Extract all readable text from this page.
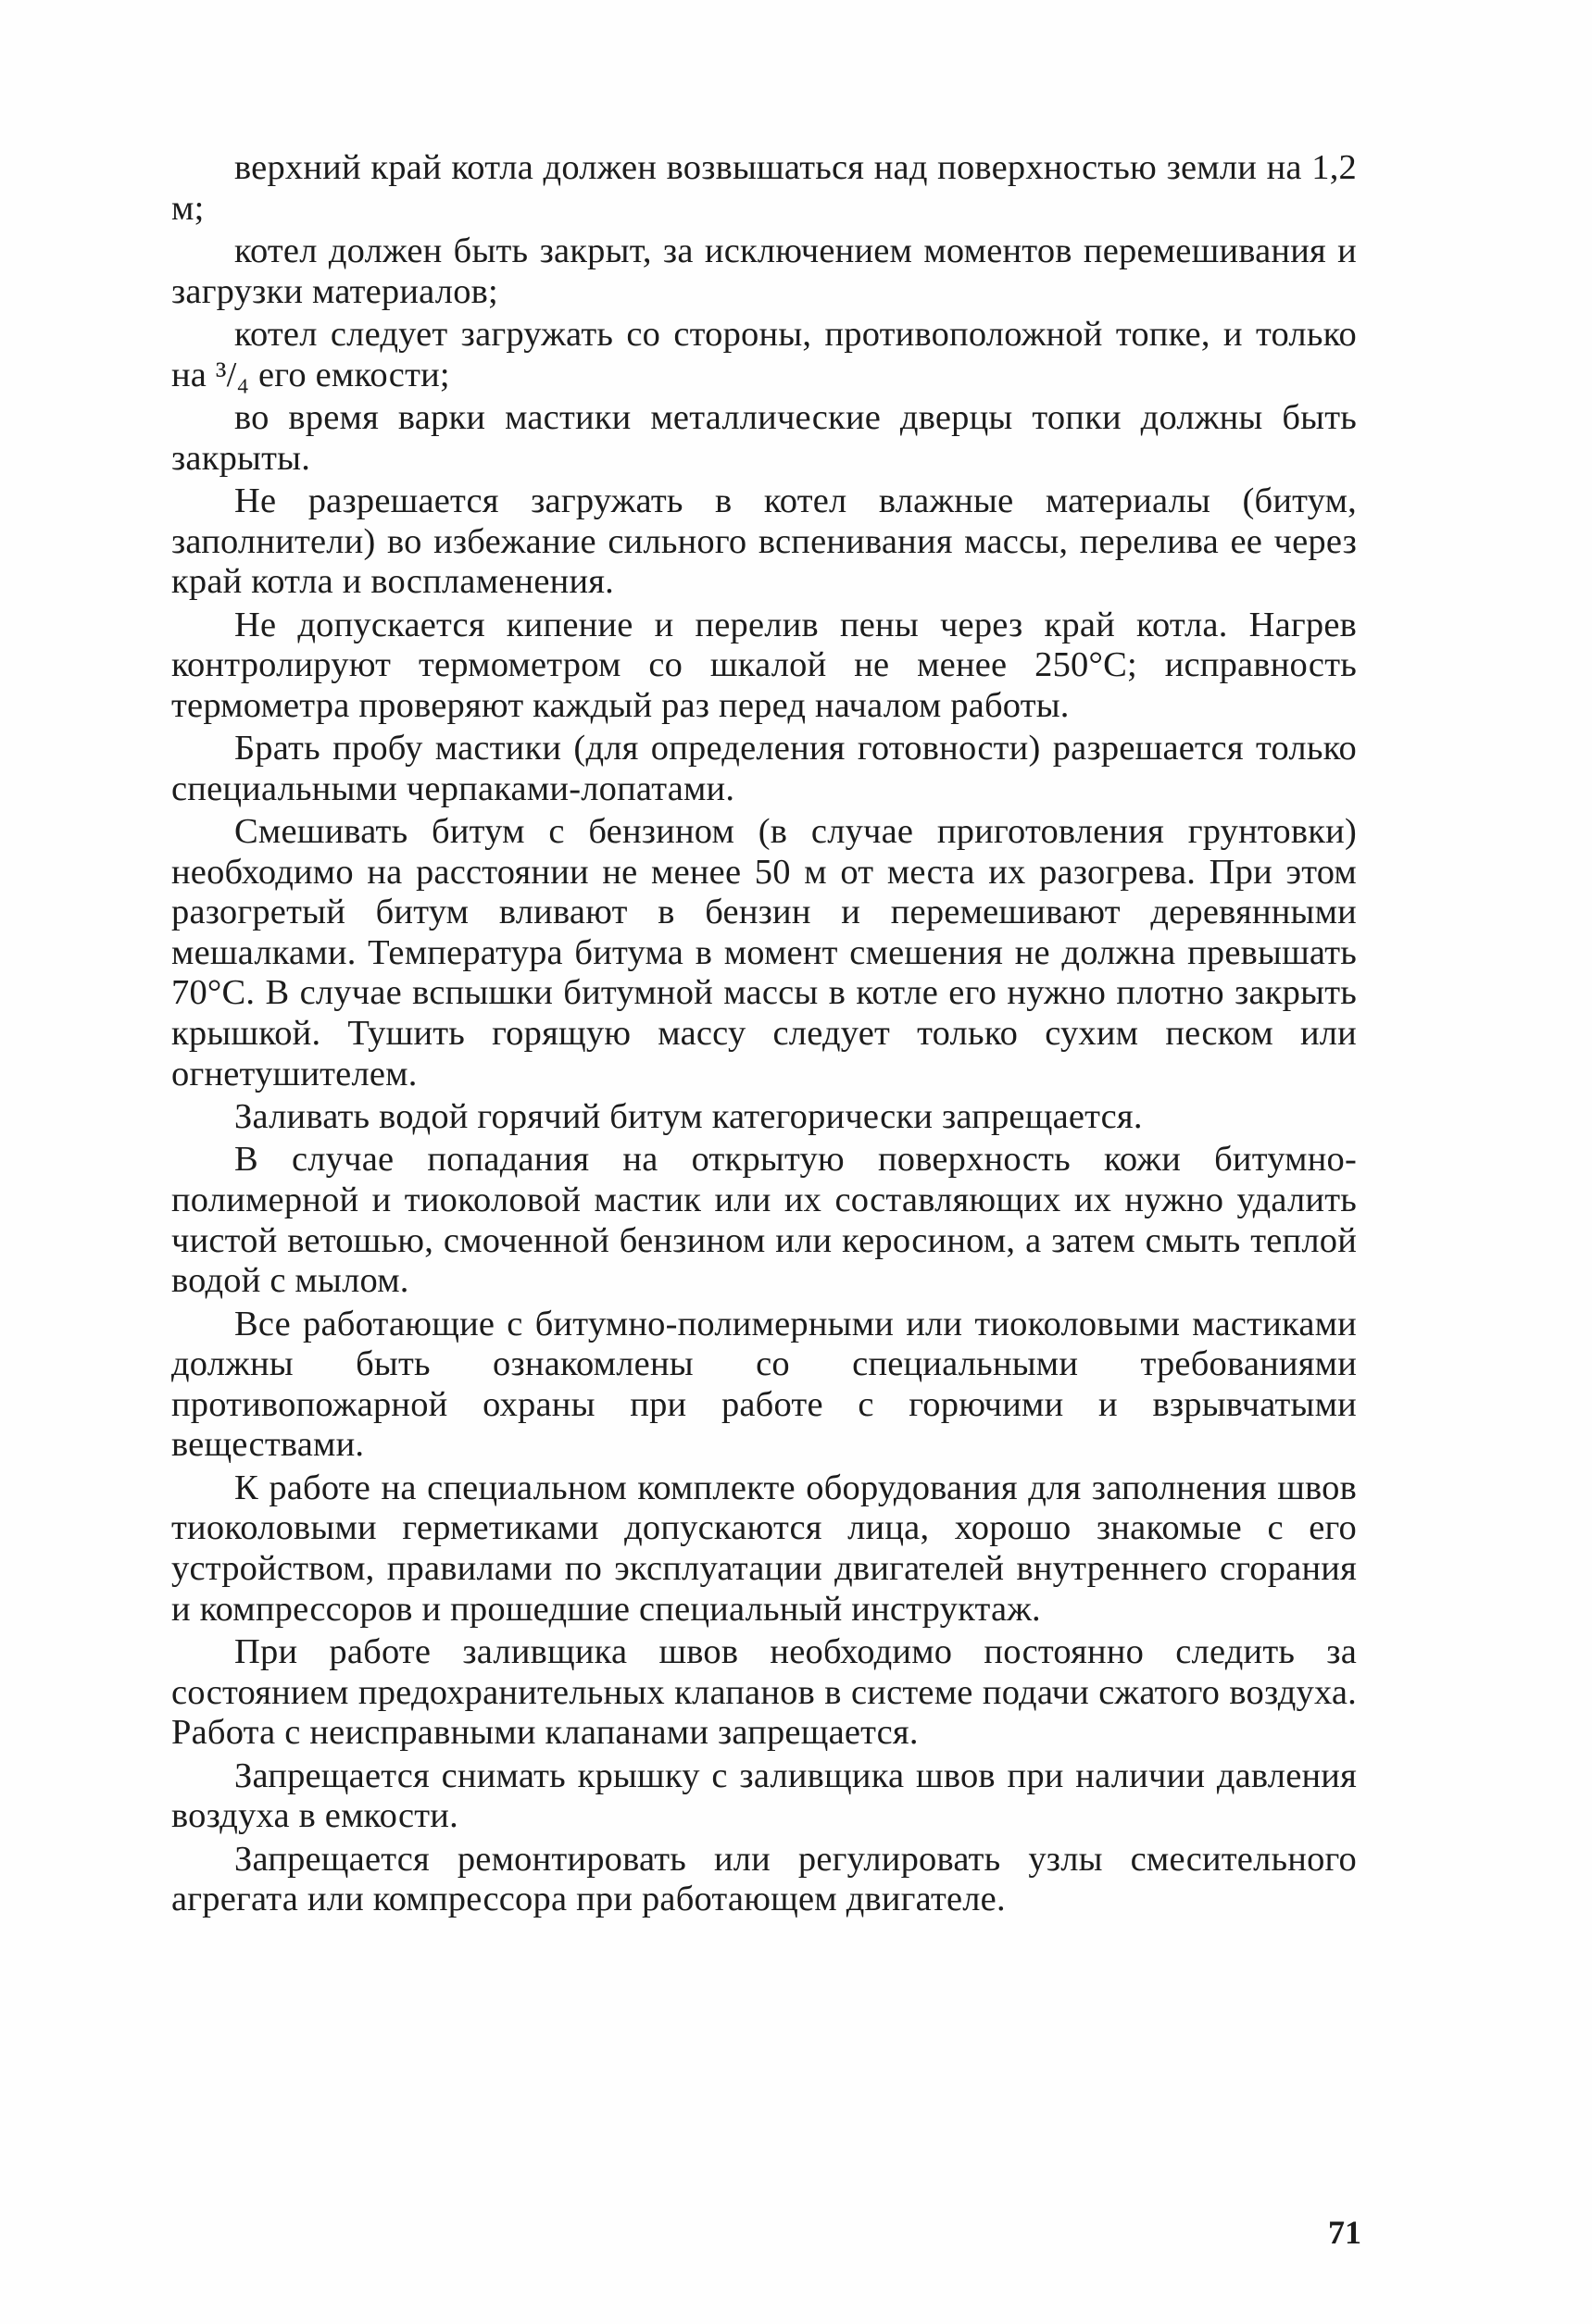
верхний край котла должен возвышаться над поверхностью земли на 1,2 м;

котел должен быть закрыт, за исключением моментов перемешивания и загрузки материалов;

котел следует загружать со стороны, противоположной топке, и только на ³/₄ его емкости;

во время варки мастики металлические дверцы топки должны быть закрыты.

Не разрешается загружать в котел влажные материалы (битум, заполнители) во избежание сильного вспенивания массы, перелива ее через край котла и воспламенения.

Не допускается кипение и перелив пены через край котла. Нагрев контролируют термометром со шкалой не менее 250°С; исправность термометра проверяют каждый раз перед началом работы.

Брать пробу мастики (для определения готовности) разрешается только специальными черпаками-лопатами.

Смешивать битум с бензином (в случае приготовления грунтовки) необходимо на расстоянии не менее 50 м от места их разогрева. При этом разогретый битум вливают в бензин и перемешивают деревянными мешалками. Температура битума в момент смешения не должна превышать 70°С. В случае вспышки битумной массы в котле его нужно плотно закрыть крышкой. Тушить горящую массу следует только сухим песком или огнетушителем.

Заливать водой горячий битум категорически запрещается.

В случае попадания на открытую поверхность кожи битумно-полимерной и тиоколовой мастик или их составляющих их нужно удалить чистой ветошью, смоченной бензином или керосином, а затем смыть теплой водой с мылом.

Все работающие с битумно-полимерными или тиоколовыми мастиками должны быть ознакомлены со специальными требованиями противопожарной охраны при работе с горючими и взрывчатыми веществами.

К работе на специальном комплекте оборудования для заполнения швов тиоколовыми герметиками допускаются лица, хорошо знакомые с его устройством, правилами по эксплуатации двигателей внутреннего сгорания и компрессоров и прошедшие специальный инструктаж.

При работе заливщика швов необходимо постоянно следить за состоянием предохранительных клапанов в системе подачи сжатого воздуха. Работа с неисправными клапанами запрещается.

Запрещается снимать крышку с заливщика швов при наличии давления воздуха в емкости.

Запрещается ремонтировать или регулировать узлы смесительного агрегата или компрессора при работающем двигателе.

71
